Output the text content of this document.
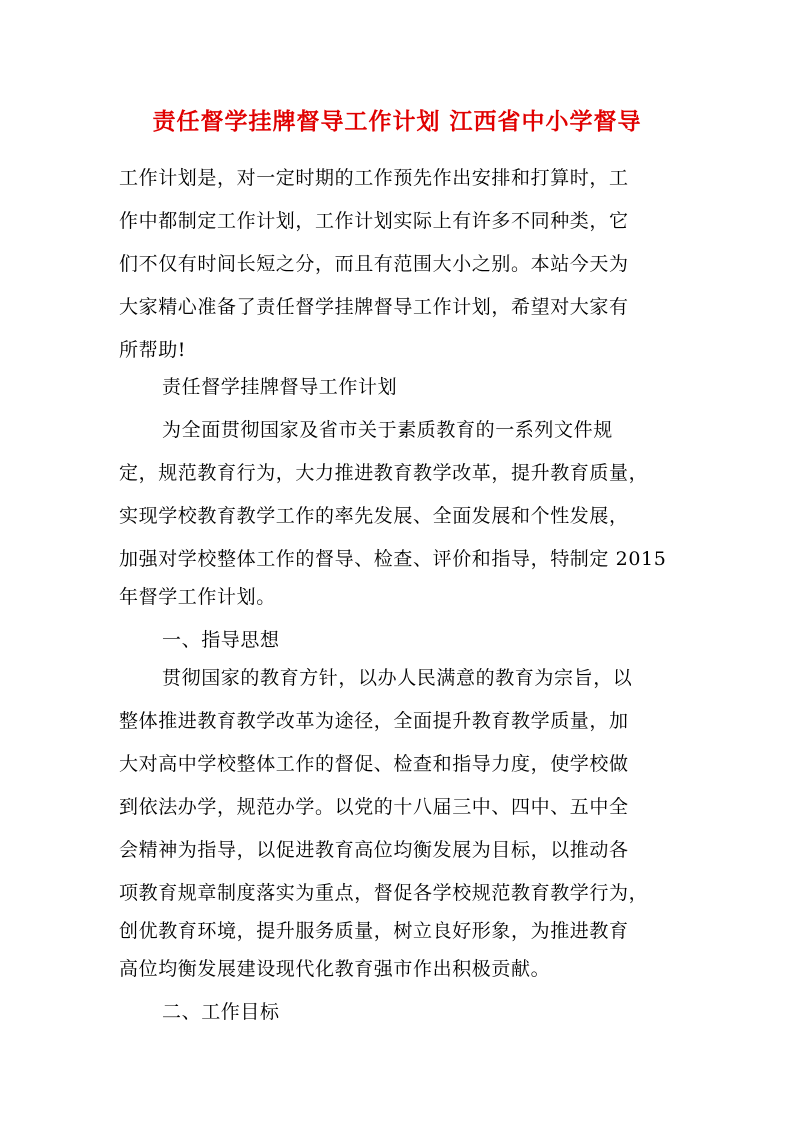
责任督学挂牌督导工作计划 江西省中小学督导
工作计划是，对一定时期的工作预先作出安排和打算时，工
作中都制定工作计划，工作计划实际上有许多不同种类，它
们不仅有时间长短之分，而且有范围大小之别。本站今天为
大家精心准备了责任督学挂牌督导工作计划，希望对大家有
所帮助!
责任督学挂牌督导工作计划
为全面贯彻国家及省市关于素质教育的一系列文件规
定，规范教育行为，大力推进教育教学改革，提升教育质量，
实现学校教育教学工作的率先发展、全面发展和个性发展，
加强对学校整体工作的督导、检查、评价和指导，特制定 2015
年督学工作计划。
一、指导思想
贯彻国家的教育方针，以办人民满意的教育为宗旨，以
整体推进教育教学改革为途径，全面提升教育教学质量，加
大对高中学校整体工作的督促、检查和指导力度，使学校做
到依法办学，规范办学。以党的十八届三中、四中、五中全
会精神为指导，以促进教育高位均衡发展为目标，以推动各
项教育规章制度落实为重点，督促各学校规范教育教学行为，
创优教育环境，提升服务质量，树立良好形象，为推进教育
高位均衡发展建设现代化教育强市作出积极贡献。
二、工作目标
